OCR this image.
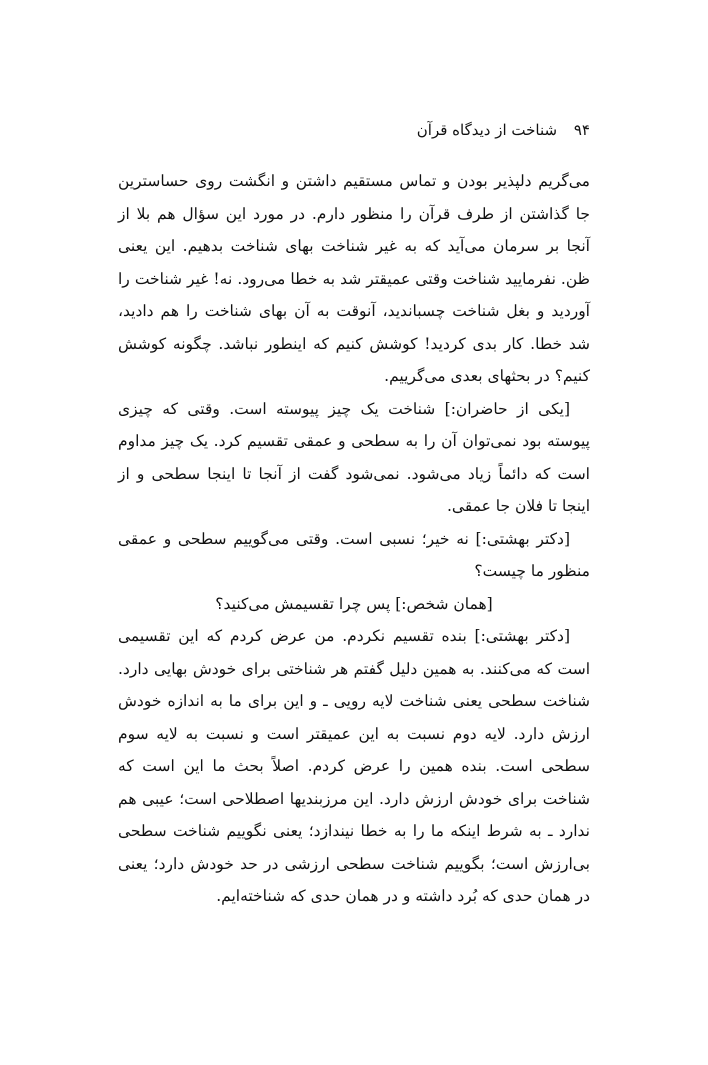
۹۴ شناخت از دیدگاه قرآن

می‌گریم دلپذیر بودن و تماس مستقیم داشتن و انگشت روی حساسترین جا گذاشتن از طرف قرآن را منظور دارم. در مورد این سؤال هم بلا از آنجا بر سرمان می‌آید که به غیر شناخت بهای شناخت بدهیم. این یعنی ظن. نفرمایید شناخت وقتی عمیقتر شد به خطا می‌رود. نه! غیر شناخت را آوردید و بغل شناخت چسباندید، آنوقت به آن بهای شناخت را هم دادید، شد خطا. کار بدی کردید! کوشش کنیم که اینطور نباشد. چگونه کوشش کنیم؟ در بحثهای بعدی می‌گرییم.

[یکی از حاضران:] شناخت یک چیز پیوسته است. وقتی که چیزی پیوسته بود نمی‌توان آن را به سطحی و عمقی تقسیم کرد. یک چیز مداوم است که دائماً زیاد می‌شود. نمی‌شود گفت از آنجا تا اینجا سطحی و از اینجا تا فلان جا عمقی.

[دکتر بهشتی:] نه خیر؛ نسبی است. وقتی می‌گوییم سطحی و عمقی منظور ما چیست؟

[همان شخص:] پس چرا تقسیمش می‌کنید؟

[دکتر بهشتی:] بنده تقسیم نکردم. من عرض کردم که این تقسیمی است که می‌کنند. به همین دلیل گفتم هر شناختی برای خودش بهایی دارد. شناخت سطحی یعنی شناخت لایه رویی ـ و این برای ما به اندازه خودش ارزش دارد. لایه دوم نسبت به این عمیقتر است و نسبت به لایه سوم سطحی است. بنده همین را عرض کردم. اصلاً بحث ما این است که شناخت برای خودش ارزش دارد. این مرزبندیها اصطلاحی است؛ عیبی هم ندارد ـ به شرط اینکه ما را به خطا نیندازد؛ یعنی نگوییم شناخت سطحی بی‌ارزش است؛ بگوییم شناخت سطحی ارزشی در حد خودش دارد؛ یعنی در همان حدی که بُرد داشته و در همان حدی که شناخته‌ایم.
